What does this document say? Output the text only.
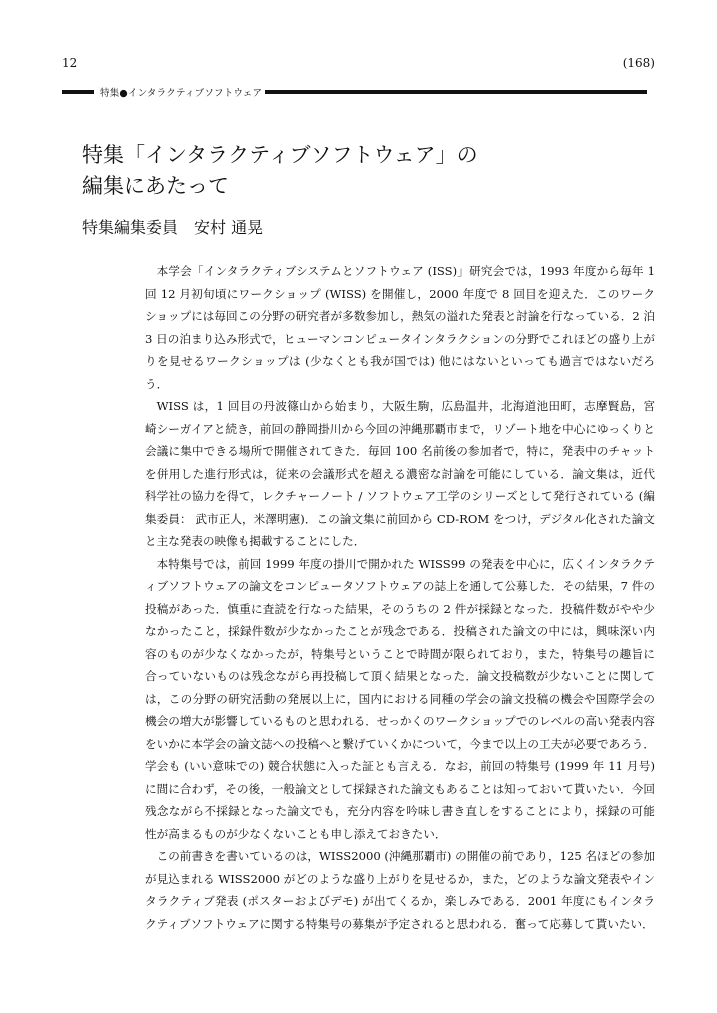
12	(168)
特集●インタラクティブソフトウェア
特集「インタラクティブソフトウェア」の
編集にあたって
特集編集委員 安村 通晃

本学会「インタラクティブシステムとソフトウェア (ISS)」研究会では，1993 年度から毎年 1 回 12 月初旬頃にワークショップ (WISS) を開催し，2000 年度で 8 回目を迎えた．このワークショップには毎回この分野の研究者が多数参加し，熱気の溢れた発表と討論を行なっている．2 泊 3 日の泊まり込み形式で，ヒューマンコンピュータインタラクションの分野でこれほどの盛り上がりを見せるワークショップは (少なくとも我が国では) 他にはないといっても過言ではないだろう．

WISS は，1 回目の丹波篠山から始まり，大阪生駒，広島温井，北海道池田町，志摩賢島，宮崎シーガイアと続き，前回の静岡掛川から今回の沖縄那覇市まで，リゾート地を中心にゆっくりと会議に集中できる場所で開催されてきた．毎回 100 名前後の参加者で，特に，発表中のチャットを併用した進行形式は，従来の会議形式を超える濃密な討論を可能にしている．論文集は，近代科学社の協力を得て，レクチャーノート / ソフトウェア工学のシリーズとして発行されている (編集委員： 武市正人，米澤明憲)．この論文集に前回から CD-ROM をつけ，デジタル化された論文と主な発表の映像も掲載することにした．

本特集号では，前回 1999 年度の掛川で開かれた WISS99 の発表を中心に，広くインタラクティブソフトウェアの論文をコンピュータソフトウェアの誌上を通して公募した．その結果，7 件の投稿があった．慎重に査読を行なった結果，そのうちの 2 件が採録となった．投稿件数がやや少なかったこと，採録件数が少なかったことが残念である．投稿された論文の中には，興味深い内容のものが少なくなかったが，特集号ということで時間が限られており，また，特集号の趣旨に合っていないものは残念ながら再投稿して頂く結果となった．論文投稿数が少ないことに関しては，この分野の研究活動の発展以上に，国内における同種の学会の論文投稿の機会や国際学会の機会の増大が影響しているものと思われる．せっかくのワークショップでのレベルの高い発表内容をいかに本学会の論文誌への投稿へと繋げていくかについて，今まで以上の工夫が必要であろう．学会も (いい意味での) 競合状態に入った証とも言える．なお，前回の特集号 (1999 年 11 月号) に間に合わず，その後，一般論文として採録された論文もあることは知っておいて貰いたい．今回残念ながら不採録となった論文でも，充分内容を吟味し書き直しをすることにより，採録の可能性が高まるものが少なくないことも申し添えておきたい．

この前書きを書いているのは，WISS2000 (沖縄那覇市) の開催の前であり，125 名ほどの参加が見込まれる WISS2000 がどのような盛り上がりを見せるか，また，どのような論文発表やインタラクティブ発表 (ポスターおよびデモ) が出てくるか，楽しみである．2001 年度にもインタラクティブソフトウェアに関する特集号の募集が予定されると思われる．奮って応募して貰いたい．
